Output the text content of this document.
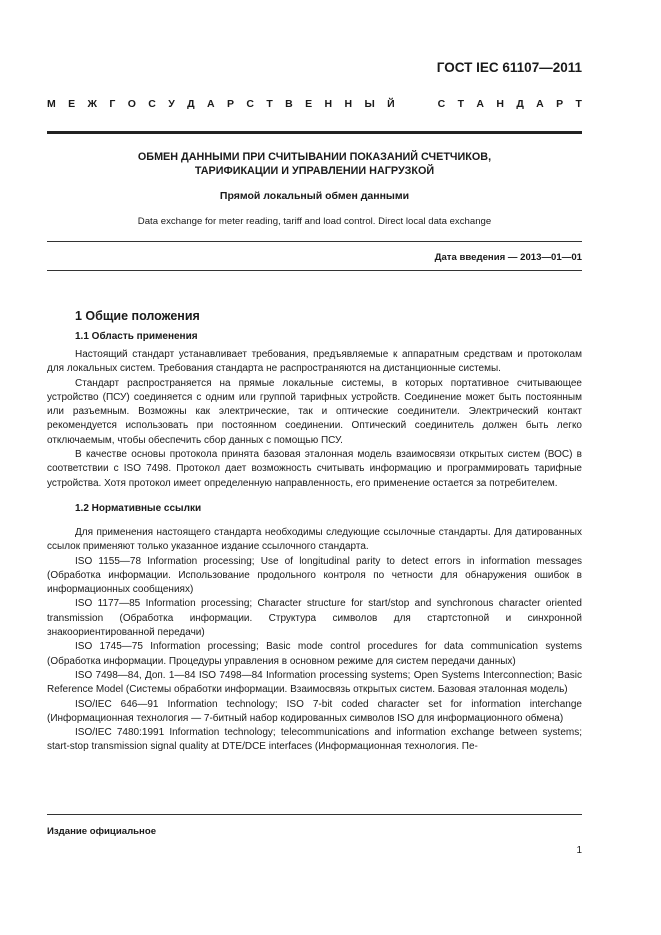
ГОСТ IEC 61107—2011
М Е Ж Г О С У Д А Р С Т В Е Н Н Ы Й

	С Т А Н Д А Р Т
ОБМЕН ДАННЫМИ ПРИ СЧИТЫВАНИИ ПОКАЗАНИЙ СЧЕТЧИКОВ,
ТАРИФИКАЦИИ И УПРАВЛЕНИИ НАГРУЗКОЙ
Прямой локальный обмен данными
Data exchange for meter reading, tariff and load control. Direct local data exchange
Дата введения — 2013—01—01
1 Общие положения
1.1 Область применения

Настоящий стандарт устанавливает требования, предъявляемые к аппаратным средствам и протоколам для локальных систем. Требования стандарта не распространяются на дистанционные системы.

Стандарт распространяется на прямые локальные системы, в которых портативное считывающее устройство (ПСУ) соединяется с одним или группой тарифных устройств. Соединение может быть постоянным или разъемным. Возможны как электрические, так и оптические соединители. Электрический контакт рекомендуется использовать при постоянном соединении. Оптический соединитель должен быть легко отключаемым, чтобы обеспечить сбор данных с помощью ПСУ.

В качестве основы протокола принята базовая эталонная модель взаимосвязи открытых систем (ВОС) в соответствии с ISO 7498. Протокол дает возможность считывать информацию и программировать тарифные устройства. Хотя протокол имеет определенную направленность, его применение остается за потребителем.

1.2 Нормативные ссылки

Для применения настоящего стандарта необходимы следующие ссылочные стандарты. Для датированных ссылок применяют только указанное издание ссылочного стандарта.

ISO 1155—78 Information processing; Use of longitudinal parity to detect errors in information messages (Обработка информации. Использование продольного контроля по четности для обнаружения ошибок в информационных сообщениях)

ISO 1177—85 Information processing; Character structure for start/stop and synchronous character oriented transmission (Обработка информации. Структура символов для стартстопной и синхронной знакоориентированной передачи)

ISO 1745—75 Information processing; Basic mode control procedures for data communication systems (Обработка информации. Процедуры управления в основном режиме для систем передачи данных)

ISO 7498—84, Доп. 1—84 ISO 7498—84 Information processing systems; Open Systems Interconnection; Basic Reference Model (Системы обработки информации. Взаимосвязь открытых систем. Базовая эталонная модель)

ISO/IEC 646—91 Information technology; ISO 7-bit coded character set for information interchange (Информационная технология — 7-битный набор кодированных символов ISO для информационного обмена)

ISO/IEC 7480:1991 Information technology; telecommunications and information exchange between systems; start-stop transmission signal quality at DTE/DCE interfaces (Информационная технология. Пе-

Издание официальное
1
